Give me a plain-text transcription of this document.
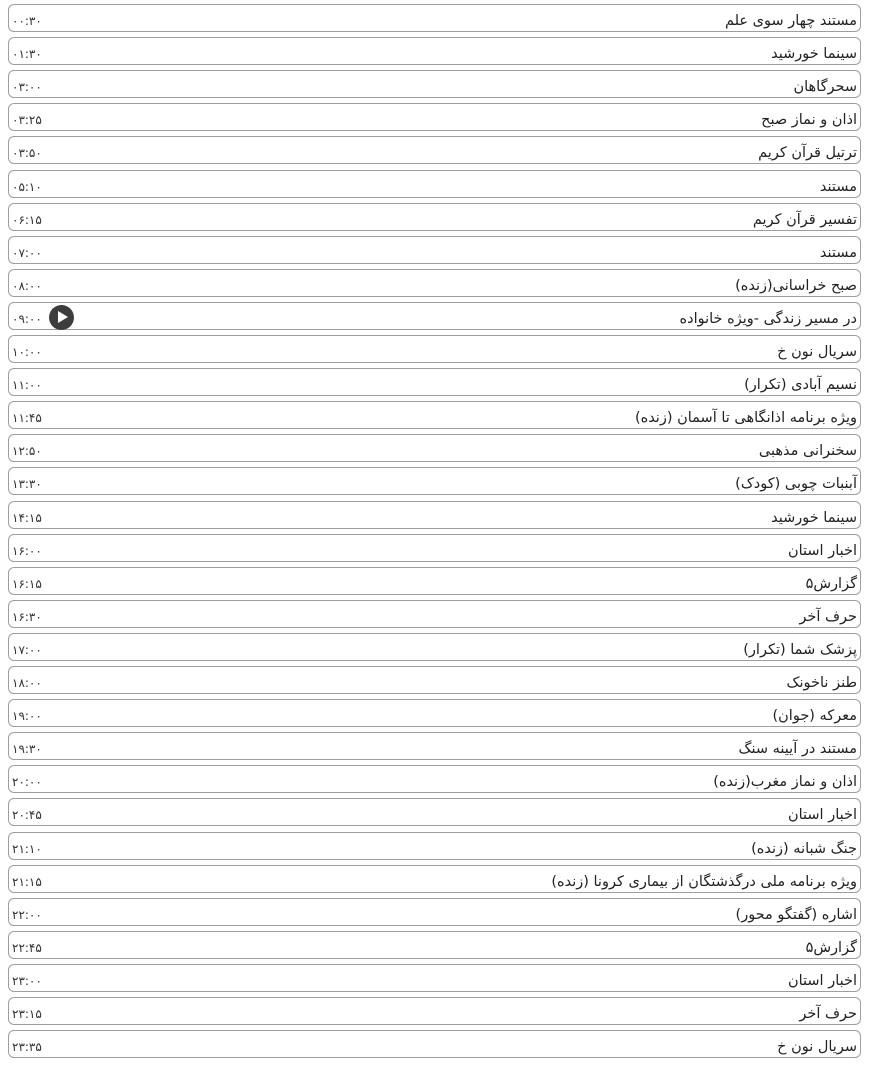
مستند چهار سوی علم
۰۰:۳۰
سینما خورشید
۰۱:۳۰
سحرگاهان
۰۳:۰۰
اذان و نماز صبح
۰۳:۲۵
ترتیل قرآن کریم
۰۳:۵۰
مستند
۰۵:۱۰
تفسیر قرآن کریم
۰۶:۱۵
مستند
۰۷:۰۰
صبح خراسانی(زنده)
۰۸:۰۰
در مسیر زندگی -ویژه خانواده
۰۹:۰۰
سریال نون خ
۱۰:۰۰
نسیم آبادی (تکرار)
۱۱:۰۰
ویژه برنامه اذانگاهی تا آسمان (زنده)
۱۱:۴۵
سخنرانی مذهبی
۱۲:۵۰
آبنبات چوبی (کودک)
۱۳:۳۰
سینما خورشید
۱۴:۱۵
اخبار استان
۱۶:۰۰
گزارش۵
۱۶:۱۵
حرف آخر
۱۶:۳۰
پزشک شما (تکرار)
۱۷:۰۰
طنز ناخونک
۱۸:۰۰
معرکه (جوان)
۱۹:۰۰
مستند در آیینه سنگ
۱۹:۳۰
اذان و نماز مغرب(زنده)
۲۰:۰۰
اخبار استان
۲۰:۴۵
جنگ شبانه (زنده)
۲۱:۱۰
ویژه برنامه ملی درگذشتگان از بیماری کرونا (زنده)
۲۱:۱۵
اشاره (گفتگو محور)
۲۲:۰۰
گزارش۵
۲۲:۴۵
اخبار استان
۲۳:۰۰
حرف آخر
۲۳:۱۵
سریال نون خ
۲۳:۳۵
